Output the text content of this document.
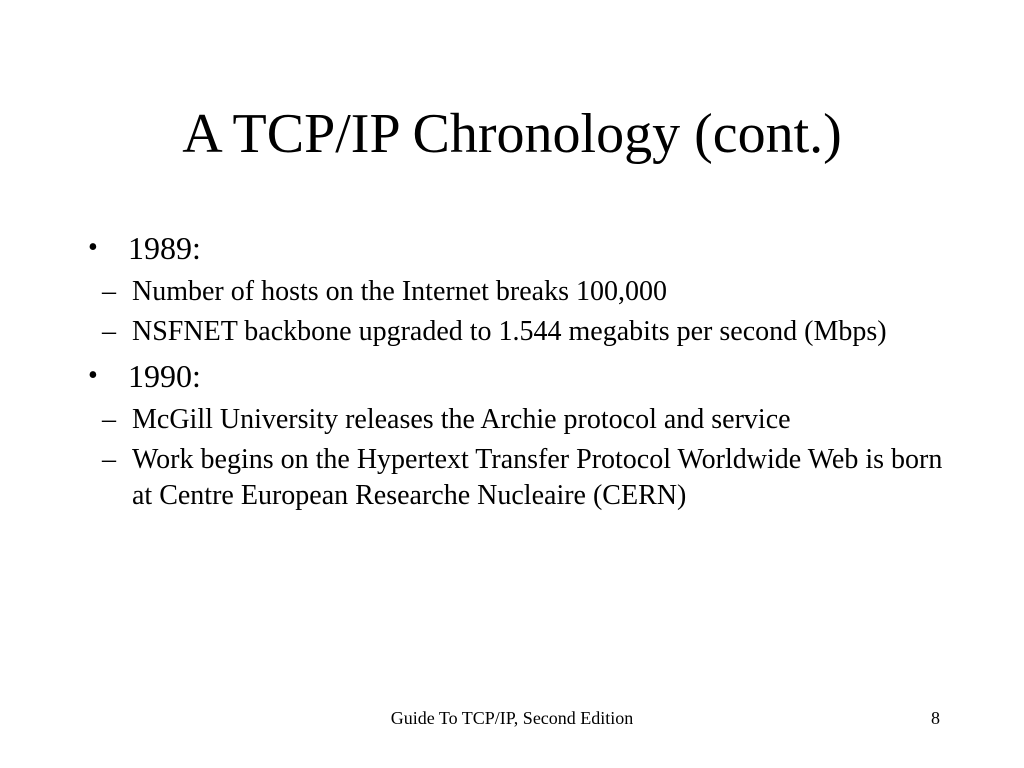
A TCP/IP Chronology (cont.)
• 1989:
– Number of hosts on the Internet breaks 100,000
– NSFNET backbone upgraded to 1.544 megabits per second (Mbps)
• 1990:
– McGill University releases the Archie protocol and service
– Work begins on the Hypertext Transfer Protocol Worldwide Web is born at Centre European Researche Nucleaire (CERN)
Guide To TCP/IP, Second Edition	8
